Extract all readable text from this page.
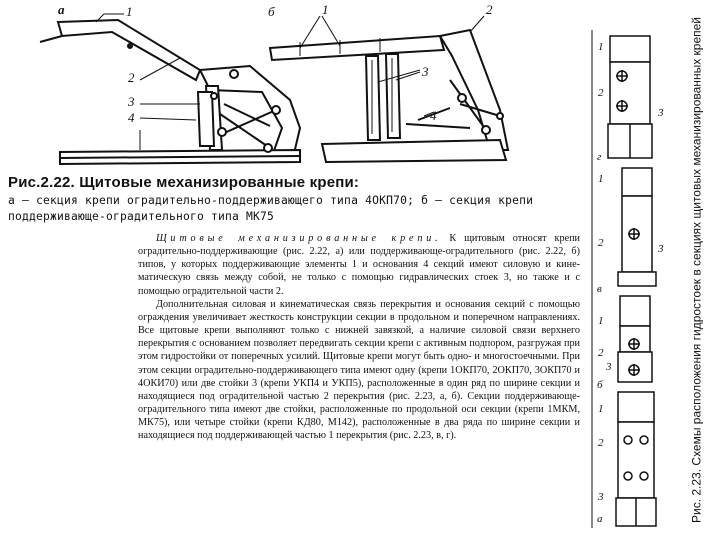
а	б
1
2
3
4
1	2
3
4
а
б
в
г
1
2
3
1
2	3
1
2
3
1
2
3
Рис.2.22. Щитовые механизированные крепи:
а – секция крепи оградительно-поддерживающего типа 4ОКП70; б – секция крепи
поддерживающе-оградительного типа МК75

Щитовые механизированные крепи. К щитовым относят крепи оградительно-поддерживающие (рис. 2.22, а) или поддерживающе-оградительного (рис. 2.22, б) типов, у которых поддерживающие элементы 1 и основания 4 секций имеют силовую и кинематическую связь между собой, не только с помощью гидравлических стоек 3, но также и с помощью оградительной части 2.

Дополнительная силовая и кинематическая связь перекрытия и основания секций с помощью ограждения увеличивает жесткость конструкции секции в продольном и поперечном направлениях. Все щитовые крепи выполняют только с нижней завязкой, а наличие силовой связи верхнего перекрытия с основанием позволяет передвигать секции крепи с активным подпором, разгружая при этом гидростойки от поперечных усилий. Щитовые крепи могут быть одно- и многостоечными. При этом секции оградительно-поддерживающего типа имеют одну (крепи 1ОКП70, 2ОКП70, 3ОКП70 и 4ОКИ70) или две стойки 3 (крепи УКП4 и УКП5), расположенные в один ряд по ширине секции и находящиеся под оградительной частью 2 перекрытия (рис. 2.23, а, б). Секции поддерживающе-оградительного типа имеют две стойки, расположенные по продольной оси секции (крепи 1МКМ, МК75), или четыре стойки (крепи КД80, М142), расположенные в два ряда по ширине секции и находящиеся под поддерживающей частью 1 перекрытия (рис. 2.23, в, г).	Рис. 2.23. Схемы расположения гидростоек в секциях щитовых механизированных крепей
